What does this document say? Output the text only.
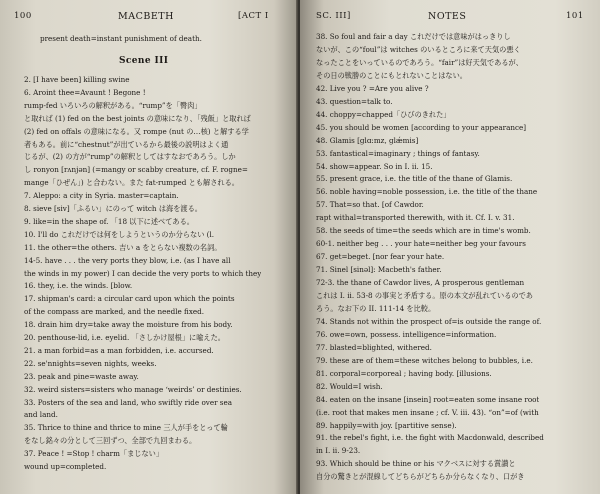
100	MACBETH	[ACT I
present death=instant punishment of death.
Scene III
2. [I have been] killing swine
6. Aroint thee=Avaunt ! Begone !
rump-fed いろいろの解釈がある。“rump”を「臀肉」
と取れば (1) fed on the best joints の意味になり、「残飯」と取れば
(2) fed on offals の意味になる。又 rompe (nut の…核) と解する学
者もある。前に“chestnut”が出ているから最後の説明はよく通
じるが、(2) の方が“rump”の解釈としてはすなおであろう。しか
し ronyon [rʌnjən] (=mangy or scabby creature, cf. F. rogne=
mange「ひぜん」) と合わない。また fat-rumped とも解される。
7. Aleppo: a city in Syria. master=captain.
8. sieve [siv]「ふるい」にのって witch は海を渡る。
9. like=in the shape of. 「18 以下に述べてある。
10. I'll do これだけでは何をしようというのか分らない (l.
11. the other=the others. 吉い a をとらない複数の名詞。
14-5. have . . . the very ports they blow, i.e. (as I have all
the winds in my power) I can decide the very ports to which they
16. they, i.e. the winds. [blow.
17. shipman's card: a circular card upon which the points
of the compass are marked, and the needle fixed.
18. drain him dry=take away the moisture from his body.
20. penthouse-lid, i.e. eyelid. 「さしかけ屋根」に喩えた。
21. a man forbid=as a man forbidden, i.e. accursed.
22. se'nnights=seven nights, weeks.
23. peak and pine=waste away.
32. weird sisters=sisters who manage ‘weirds’ or destinies.
33. Posters of the sea and land, who swiftly ride over sea
and land.
35. Thrice to thine and thrice to mine 三人が手をとって輪
をなし銘々の分として三回ずつ、全部で九回まわる。
37. Peace ! =Stop ! charm「まじない」
wound up=completed.
SC. III]	NOTES	101
38. So foul and fair a day これだけでは意味がはっきりし
ないが、この“foul”は witches のいるところに来て天気の悪く
なったことをいっているのであろう。“fair”は好天気であるが、
その日の戦勝のことにもとれないことはない。
42. Live you ? =Are you alive ?
43. question=talk to.
44. choppy=chapped「ひびのきれた」
45. you should be women [according to your appearance]
48. Glamis [glɑ:mz, glǽmis]
53. fantastical=imaginary ; things of fantasy.
54. show=appear. So in I. ii. 15.
55. present grace, i.e. the title of the thane of Glamis.
56. noble having=noble possession, i.e. the title of the thane
57. That=so that. [of Cawdor.
rapt withal=transported therewith, with it. Cf. I. v. 31.
58. the seeds of time=the seeds which are in time's womb.
60-1. neither beg . . . your hate=neither beg your favours
67. get=beget. [nor fear your hate.
71. Sinel [sinəl]: Macbeth's father.
72-3. the thane of Cawdor lives, A prosperous gentleman
これは I. ii. 53-8 の事実と矛盾する。原の本文が乱れているのであ
ろう。なお下の II. 111-14 を比較。
74. Stands not within the prospect of=is outside the range of.
76. owe=own, possess. intelligence=information.
77. blasted=blighted, withered.
79. these are of them=these witches belong to bubbles, i.e.
81. corporal=corporeal ; having body. [illusions.
82. Would=I wish.
84. eaten on the insane [insein] root=eaten some insane root
(i.e. root that makes men insane ; cf. V. iii. 43). “on”=of (with
89. happily=with joy. [partitive sense).
91. the rebel's fight, i.e. the fight with Macdonwald, described
in I. ii. 9-23.
93. Which should be thine or his マクベスに対する賞讃と
自分の驚きとが混線してどちらがどちらか分らなくなり、口がき
